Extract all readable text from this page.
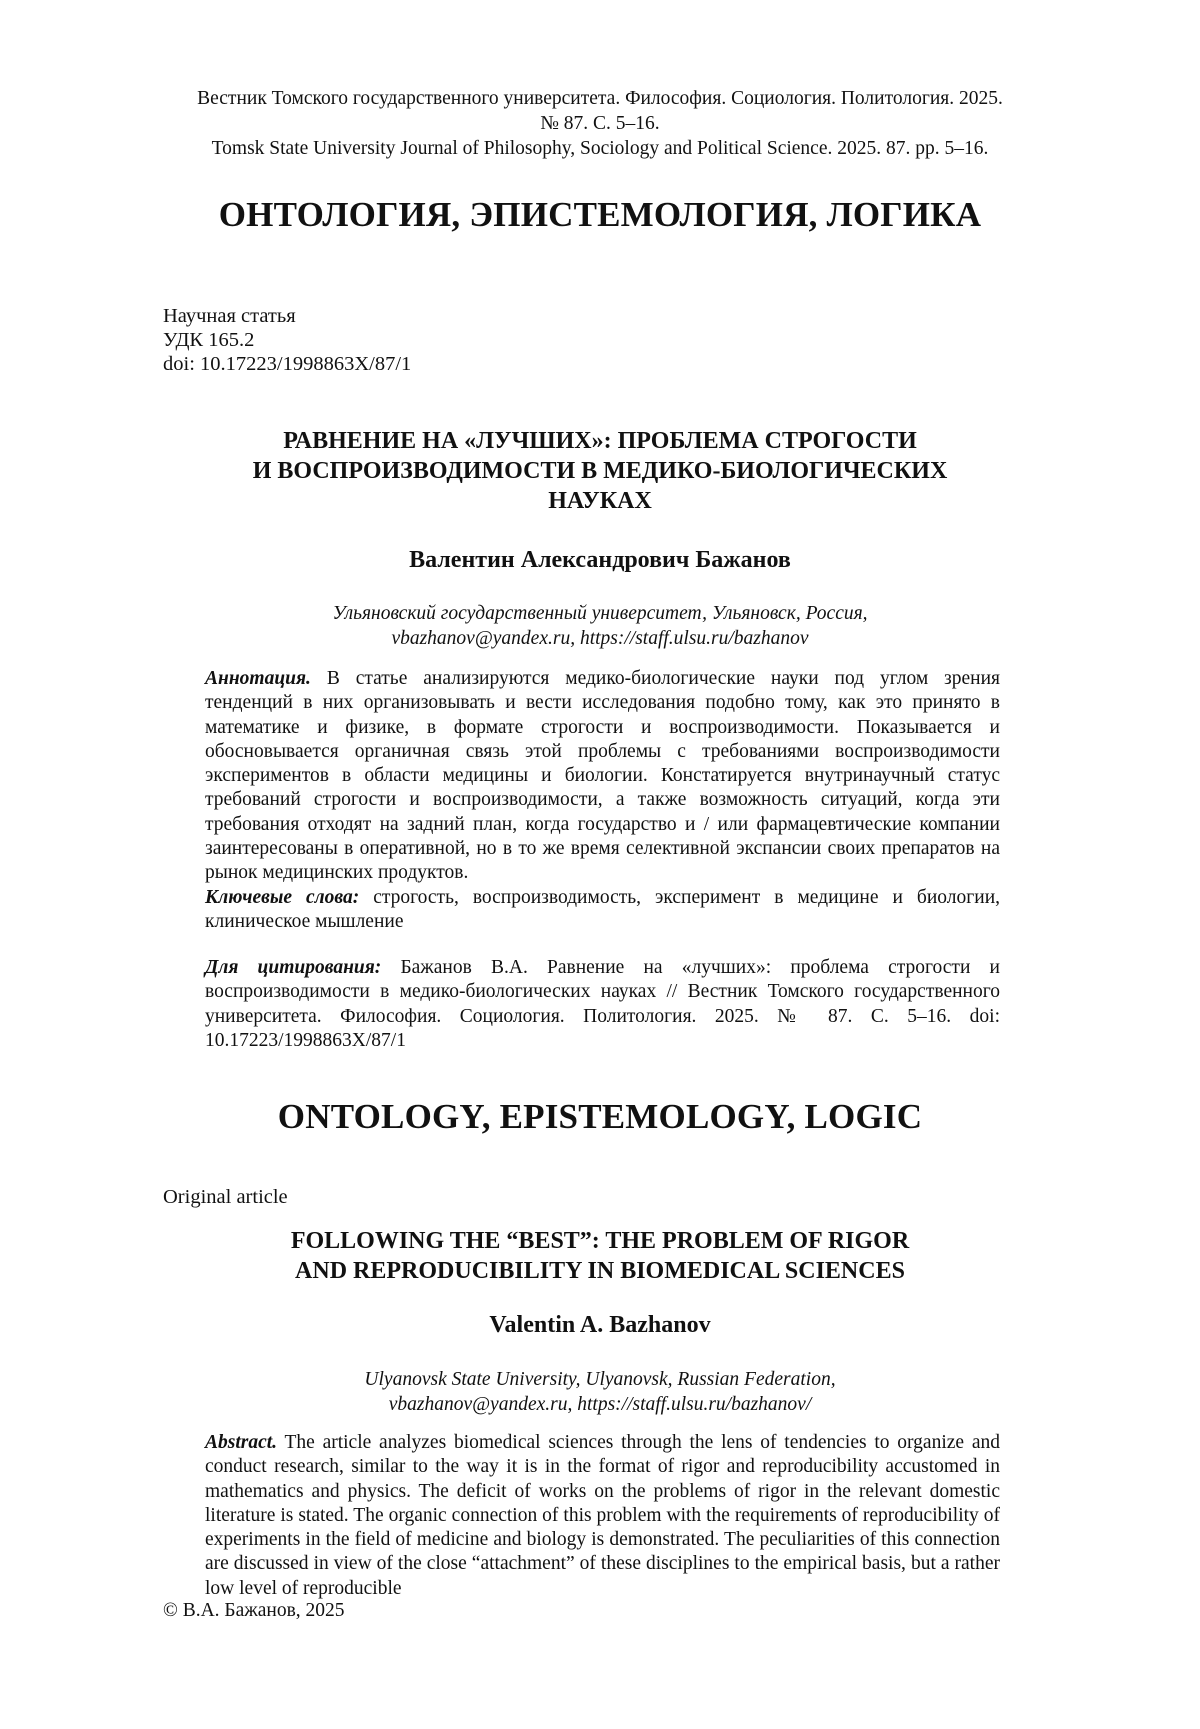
Вестник Томского государственного университета. Философия. Социология. Политология. 2025.
№ 87. С. 5–16.
Tomsk State University Journal of Philosophy, Sociology and Political Science. 2025. 87. pp. 5–16.
ОНТОЛОГИЯ, ЭПИСТЕМОЛОГИЯ, ЛОГИКА
Научная статья
УДК 165.2
doi: 10.17223/1998863X/87/1
РАВНЕНИЕ НА «ЛУЧШИХ»: ПРОБЛЕМА СТРОГОСТИ
И ВОСПРОИЗВОДИМОСТИ В МЕДИКО-БИОЛОГИЧЕСКИХ
НАУКАХ
Валентин Александрович Бажанов
Ульяновский государственный университет, Ульяновск, Россия,
vbazhanov@yandex.ru, https://staff.ulsu.ru/bazhanov
Аннотация. В статье анализируются медико-биологические науки под углом зрения тенденций в них организовывать и вести исследования подобно тому, как это принято в математике и физике, в формате строгости и воспроизводимости. Показывается и обосновывается органичная связь этой проблемы с требованиями воспроизводимости экспериментов в области медицины и биологии. Констатируется внутринаучный статус требований строгости и воспроизводимости, а также возможность ситуаций, когда эти требования отходят на задний план, когда государство и / или фармацевтические компании заинтересованы в оперативной, но в то же время селективной экспансии своих препаратов на рынок медицинских продуктов.
Ключевые слова: строгость, воспроизводимость, эксперимент в медицине и биологии, клиническое мышление
Для цитирования: Бажанов В.А. Равнение на «лучших»: проблема строгости и воспроизводимости в медико-биологических науках // Вестник Томского государственного университета. Философия. Социология. Политология. 2025. № 87. С. 5–16. doi: 10.17223/1998863X/87/1
ONTOLOGY, EPISTEMOLOGY, LOGIC
Original article
FOLLOWING THE “BEST”: THE PROBLEM OF RIGOR
AND REPRODUCIBILITY IN BIOMEDICAL SCIENCES
Valentin A. Bazhanov
Ulyanovsk State University, Ulyanovsk, Russian Federation,
vbazhanov@yandex.ru, https://staff.ulsu.ru/bazhanov/
Abstract. The article analyzes biomedical sciences through the lens of tendencies to organize and conduct research, similar to the way it is in the format of rigor and reproducibility accustomed in mathematics and physics. The deficit of works on the problems of rigor in the relevant domestic literature is stated. The organic connection of this problem with the requirements of reproducibility of experiments in the field of medicine and biology is demonstrated. The peculiarities of this connection are discussed in view of the close “attachment” of these disciplines to the empirical basis, but a rather low level of reproducible
© В.А. Бажанов, 2025
